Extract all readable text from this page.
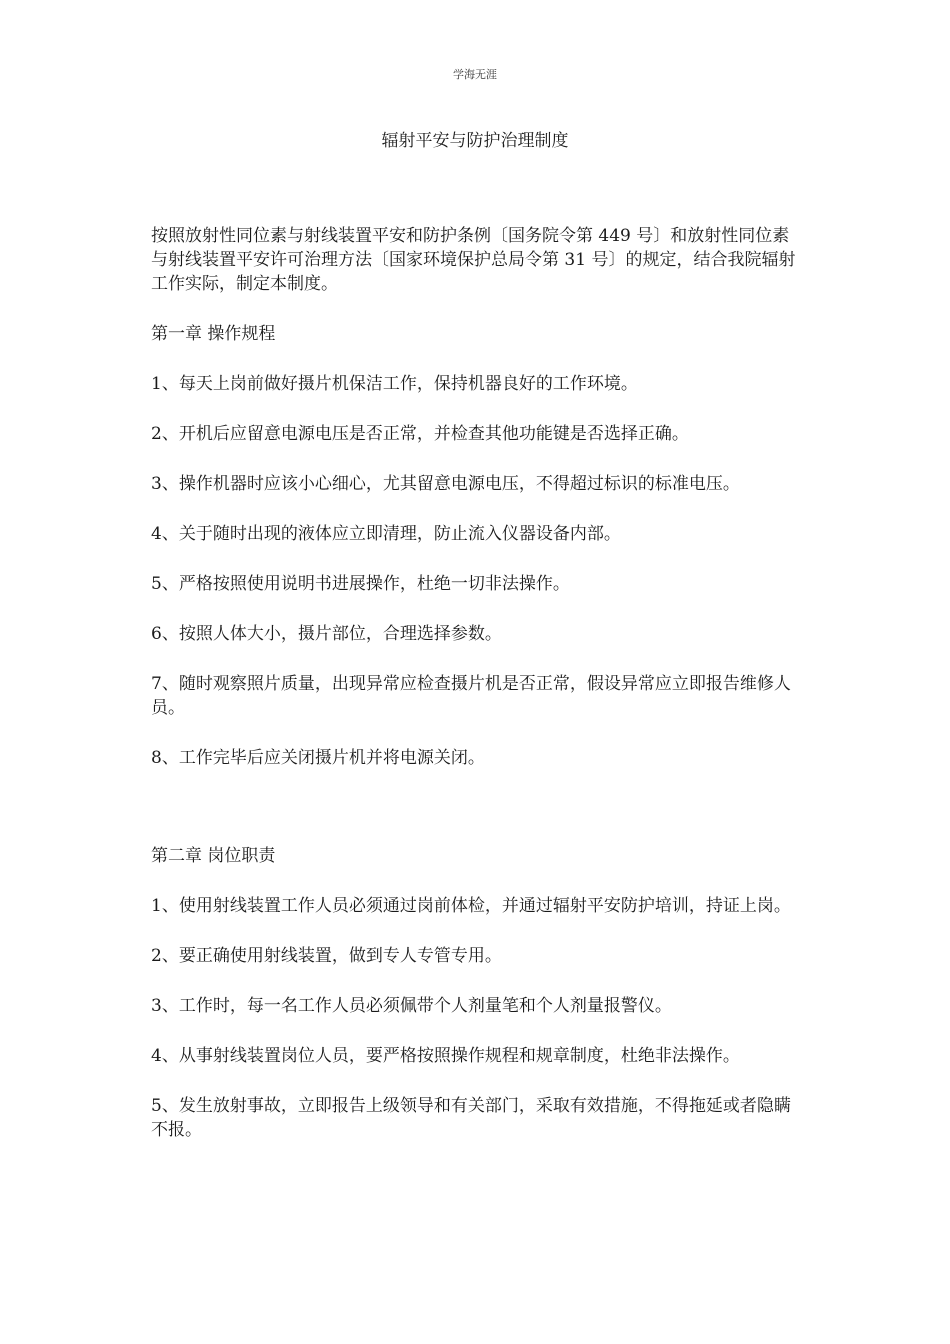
学海无涯
辐射平安与防护治理制度

按照放射性同位素与射线装置平安和防护条例〔国务院令第 449 号〕和放射性同位素与射线装置平安许可治理方法〔国家环境保护总局令第 31 号〕的规定，结合我院辐射工作实际，制定本制度。

第一章 操作规程

1、每天上岗前做好摄片机保洁工作，保持机器良好的工作环境。

2、开机后应留意电源电压是否正常，并检查其他功能键是否选择正确。

3、操作机器时应该小心细心，尤其留意电源电压，不得超过标识的标准电压。

4、关于随时出现的液体应立即清理，防止流入仪器设备内部。

5、严格按照使用说明书进展操作，杜绝一切非法操作。

6、按照人体大小，摄片部位，合理选择参数。

7、随时观察照片质量，出现异常应检查摄片机是否正常，假设异常应立即报告维修人员。

8、工作完毕后应关闭摄片机并将电源关闭。

第二章 岗位职责

1、使用射线装置工作人员必须通过岗前体检，并通过辐射平安防护培训，持证上岗。

2、要正确使用射线装置，做到专人专管专用。

3、工作时，每一名工作人员必须佩带个人剂量笔和个人剂量报警仪。

4、从事射线装置岗位人员，要严格按照操作规程和规章制度，杜绝非法操作。

5、发生放射事故，立即报告上级领导和有关部门，采取有效措施，不得拖延或者隐瞒不报。
